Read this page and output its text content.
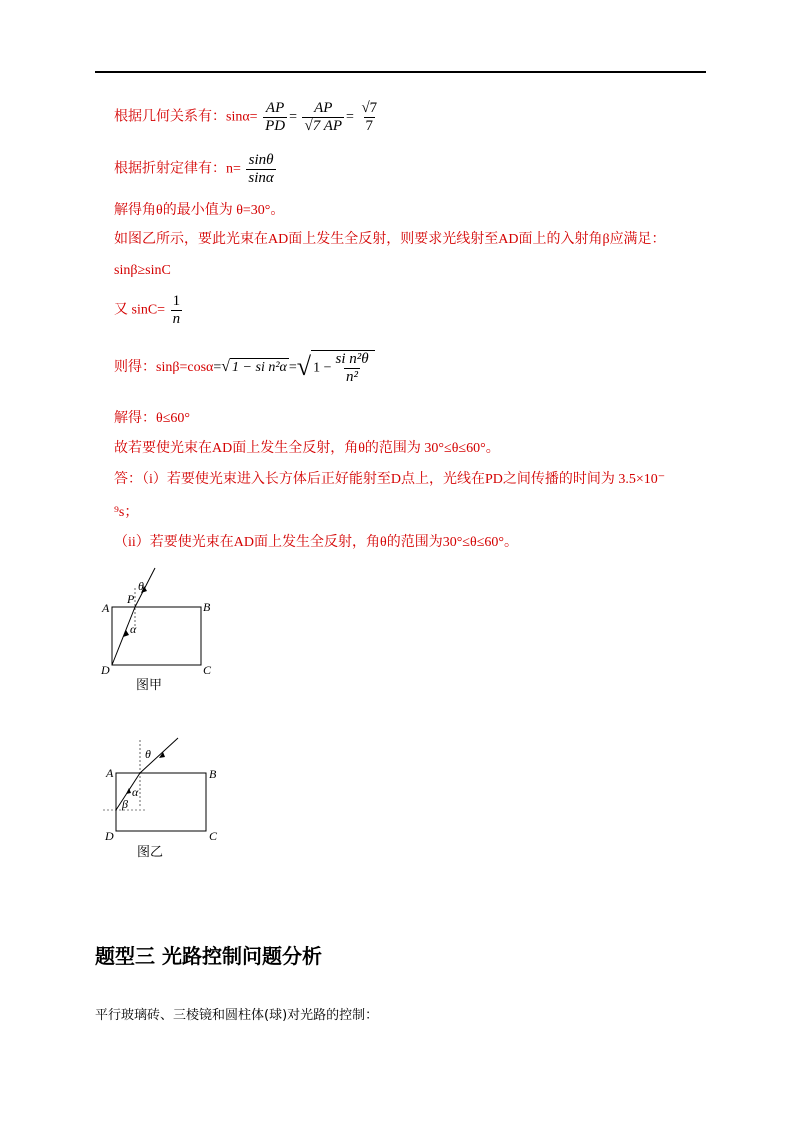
根据几何关系有：$\sin\alpha= \frac{AP}{PD} = \frac{AP}{√7 AP} = \frac{√7}{7}$
根据折射定律有：$n= \frac{\sin\theta}{\sin\alpha}$
解得角θ的最小值为 θ=30°。
如图乙所示，要此光束在AD面上发生全反射，则要求光线射至AD面上的入射角β应满足：
sinβ≥sinC
又 $\sin C= \frac{1}{n}$
则得：sinβ=cosα=√ 1 − si n²α =√ $1 - \frac{\text{si n²θ}}{\text{n²}}$
解得：θ≤60°
故若要使光束在AD面上发生全反射，角θ的范围为 30°≤θ≤60°。
答：（i）若要使光束进入长方体后正好能射至D点上，光线在PD之间传播的时间为 3.5×10⁻
⁹s；
（ii）若要使光束在AD面上发生全反射，角θ的范围为30°≤θ≤60°。
θ
P
α
A	B
C
D
图甲
θ
α
β
A	B
C
D
图乙
题型三 光路控制问题分析
平行玻璃砖、三棱镜和圆柱体(球)对光路的控制：
